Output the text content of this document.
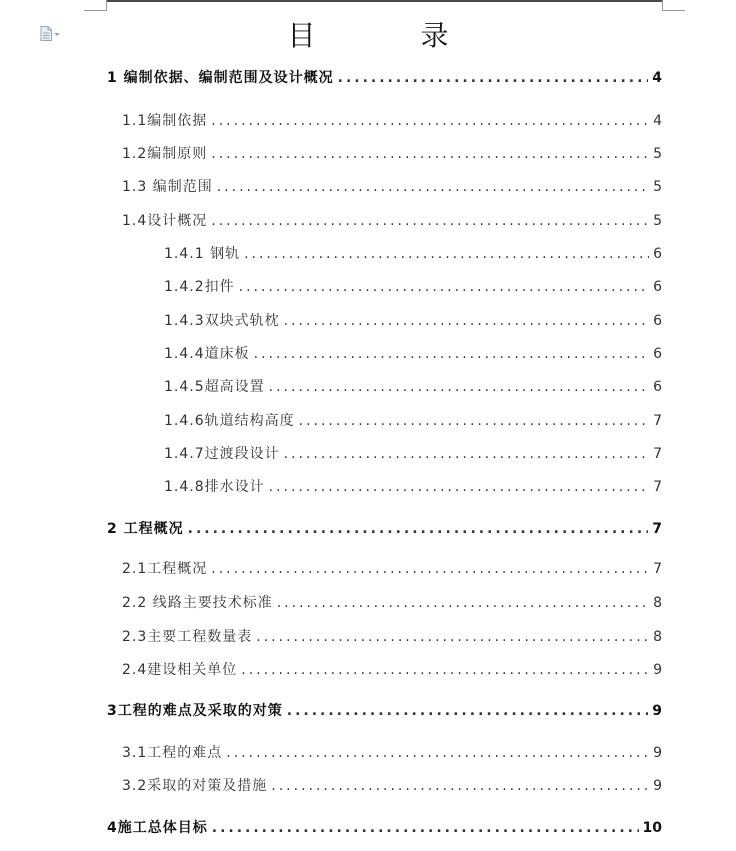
目 录
1 编制依据、编制范围及设计概况 .....	4
1.1编制依据 .....	4
1.2编制原则 .....	5
1.3 编制范围 .....	5
1.4设计概况 .....	5
1.4.1 钢轨 .....	6
1.4.2扣件 .....	6
1.4.3双块式轨枕 .....	6
1.4.4道床板 .....	6
1.4.5超高设置 .....	6
1.4.6轨道结构高度 .....	7
1.4.7过渡段设计 .....	7
1.4.8排水设计 .....	7
2 工程概况 .....	7
2.1工程概况 .....	7
2.2 线路主要技术标准 .....	8
2.3主要工程数量表 .....	8
2.4建设相关单位 .....	9
3工程的难点及采取的对策 .....	9
3.1工程的难点 .....	9
3.2采取的对策及措施 .....	9
4施工总体目标 .....	10
